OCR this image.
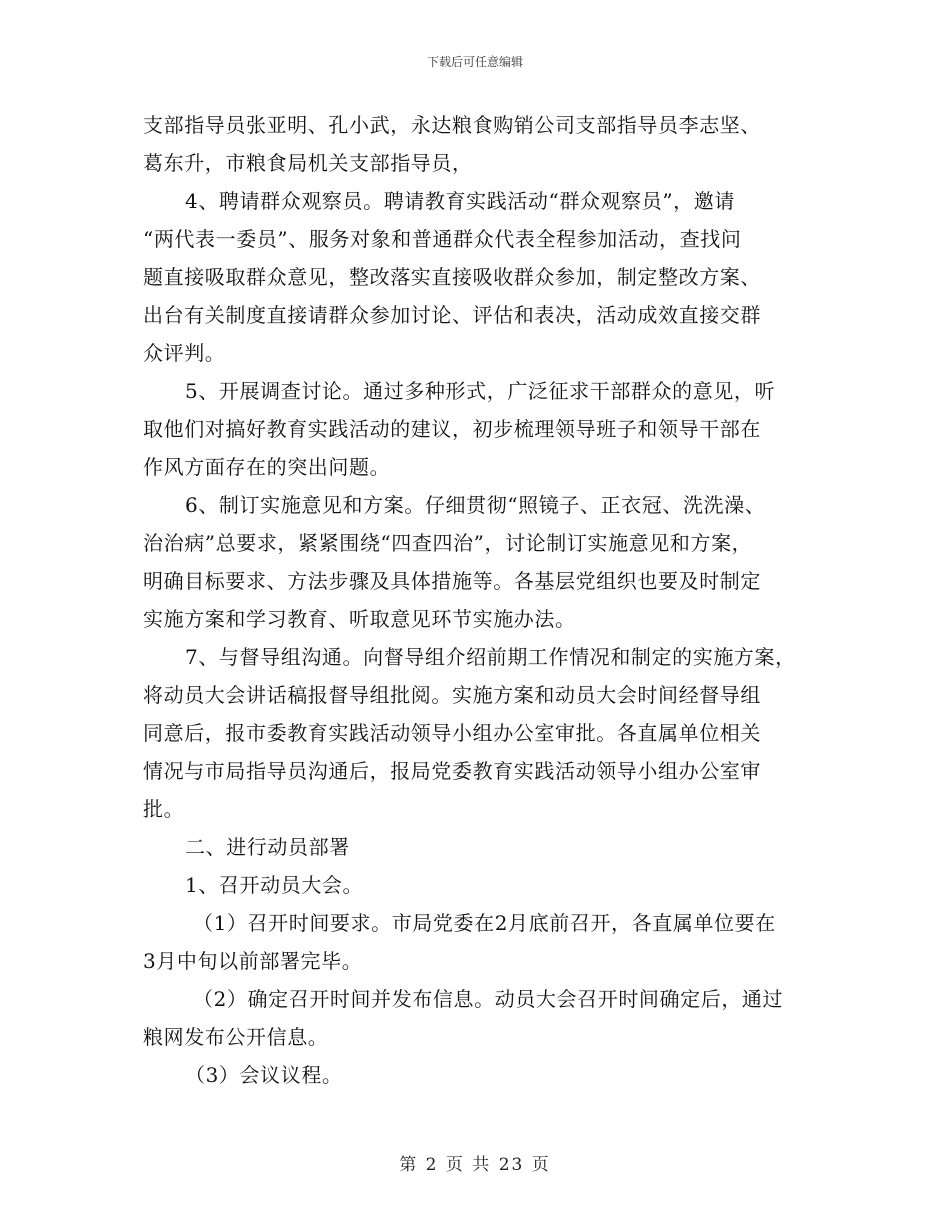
下载后可任意编辑
支部指导员张亚明、孔小武，永达粮食购销公司支部指导员李志坚、
葛东升，市粮食局机关支部指导员，
4、聘请群众观察员。聘请教育实践活动“群众观察员”，邀请
“两代表一委员”、服务对象和普通群众代表全程参加活动，查找问
题直接吸取群众意见，整改落实直接吸收群众参加，制定整改方案、
出台有关制度直接请群众参加讨论、评估和表决，活动成效直接交群
众评判。
5、开展调查讨论。通过多种形式，广泛征求干部群众的意见，听
取他们对搞好教育实践活动的建议，初步梳理领导班子和领导干部在
作风方面存在的突出问题。
6、制订实施意见和方案。仔细贯彻“照镜子、正衣冠、洗洗澡、
治治病”总要求，紧紧围绕“四查四治”，讨论制订实施意见和方案，
明确目标要求、方法步骤及具体措施等。各基层党组织也要及时制定
实施方案和学习教育、听取意见环节实施办法。
7、与督导组沟通。向督导组介绍前期工作情况和制定的实施方案，
将动员大会讲话稿报督导组批阅。实施方案和动员大会时间经督导组
同意后，报市委教育实践活动领导小组办公室审批。各直属单位相关
情况与市局指导员沟通后，报局党委教育实践活动领导小组办公室审
批。
二、进行动员部署
1、召开动员大会。
（1）召开时间要求。市局党委在2月底前召开，各直属单位要在
3月中旬以前部署完毕。
（2）确定召开时间并发布信息。动员大会召开时间确定后，通过
粮网发布公开信息。
（3）会议议程。
第 2 页 共 23 页
